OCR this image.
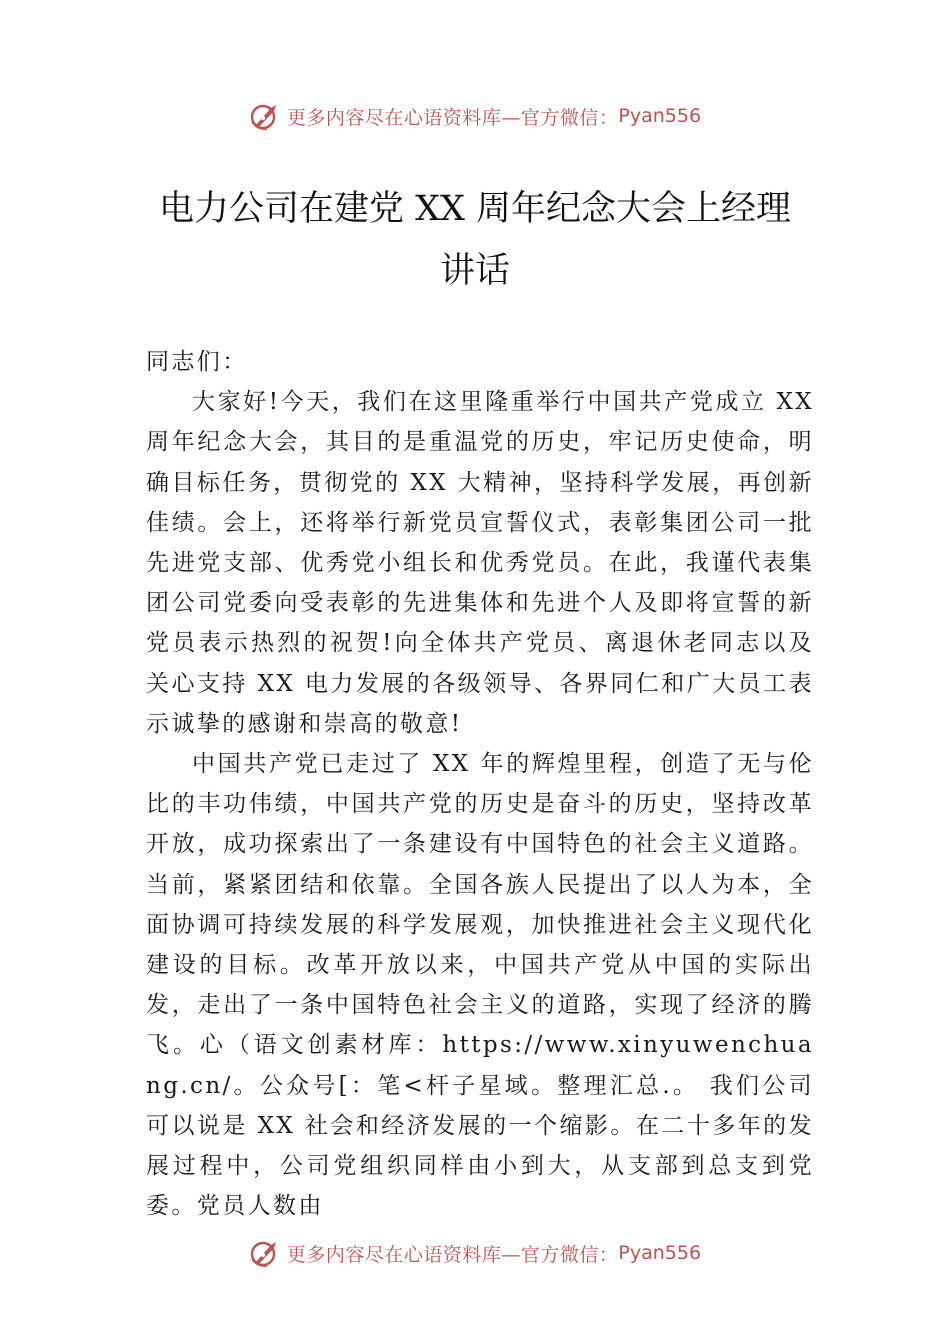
更多内容尽在心语资料库—官方微信： Pyan556
电力公司在建党 XX 周年纪念大会上经理
讲话

同志们：

大家好!今天，我们在这里隆重举行中国共产党成立 XX 周年纪念大会，其目的是重温党的历史，牢记历史使命，明确目标任务，贯彻党的 XX 大精神，坚持科学发展，再创新佳绩。会上，还将举行新党员宣誓仪式，表彰集团公司一批先进党支部、优秀党小组长和优秀党员。在此，我谨代表集团公司党委向受表彰的先进集体和先进个人及即将宣誓的新党员表示热烈的祝贺!向全体共产党员、离退休老同志以及关心支持 XX 电力发展的各级领导、各界同仁和广大员工表示诚挚的感谢和崇高的敬意!

中国共产党已走过了 XX 年的辉煌里程，创造了无与伦比的丰功伟绩，中国共产党的历史是奋斗的历史，坚持改革开放，成功探索出了一条建设有中国特色的社会主义道路。当前，紧紧团结和依靠。全国各族人民提出了以人为本，全面协调可持续发展的科学发展观，加快推进社会主义现代化建设的目标。改革开放以来，中国共产党从中国的实际出发，走出了一条中国特色社会主义的道路，实现了经济的腾飞。心（语文创素材库：https://www.xinyuwenchuang.cn/。公众号[：笔<杆子星域。整理汇总.。 我们公司可以说是 XX 社会和经济发展的一个缩影。在二十多年的发展过程中，公司党组织同样由小到大，从支部到总支到党委。党员人数由

更多内容尽在心语资料库—官方微信： Pyan556
